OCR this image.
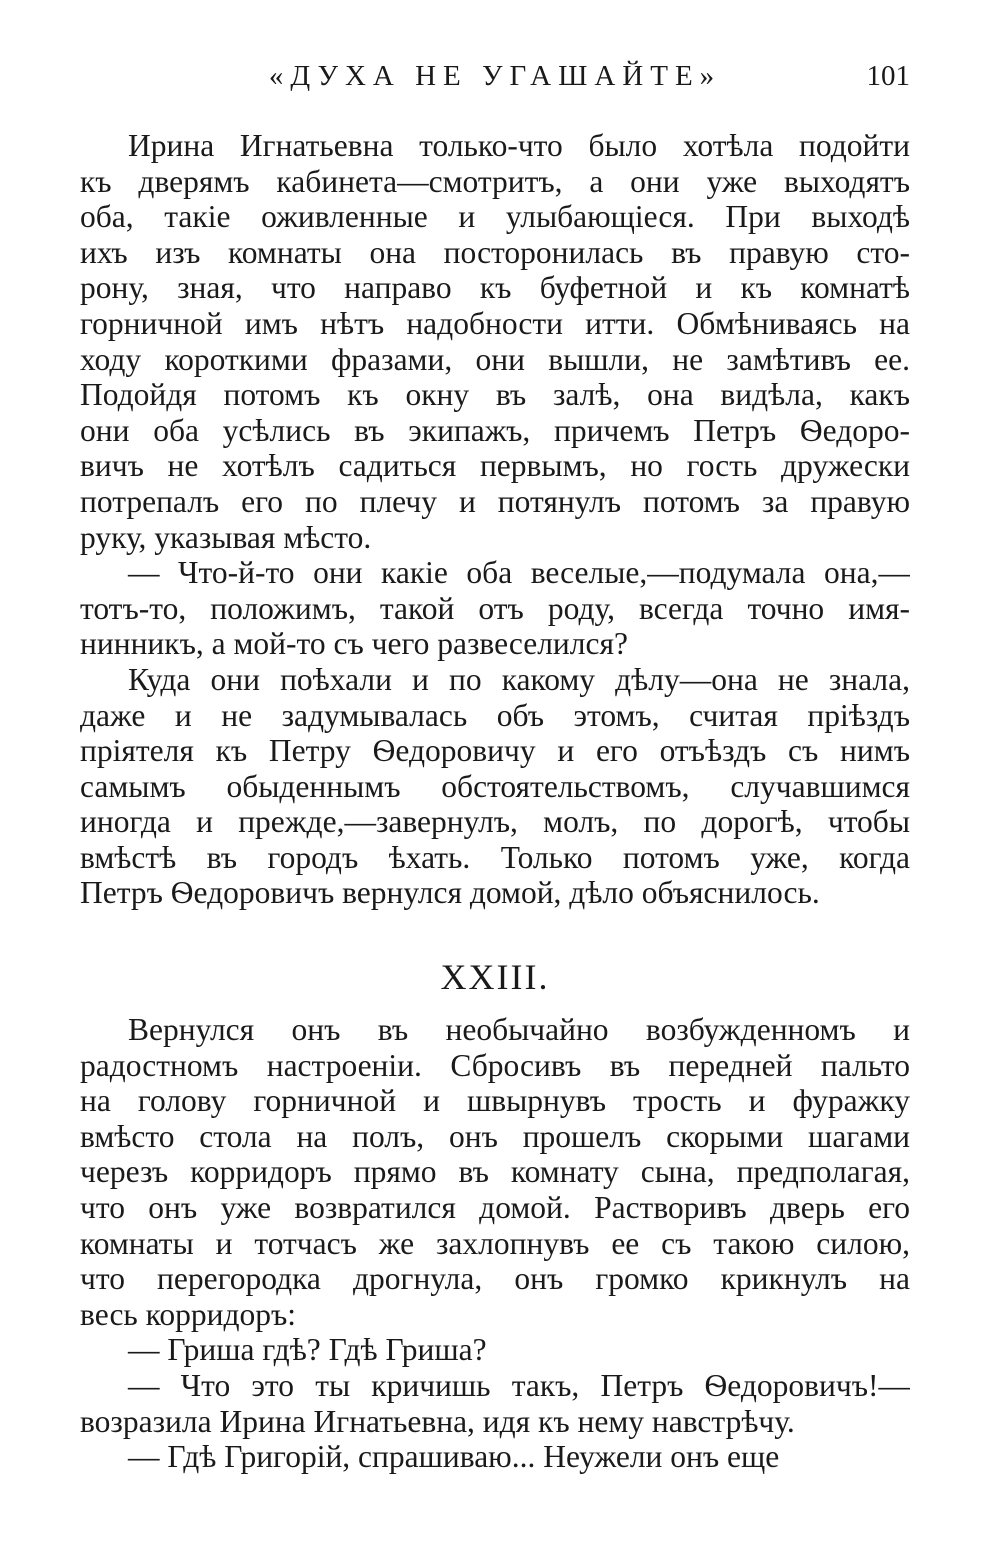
«ДУХА НЕ УГАШАЙТЕ»	101
Ирина Игнатьевна только-что было хотѣла подойти
къ дверямъ кабинета—смотритъ, а они уже выходятъ
оба, такіе оживленные и улыбающіеся. При выходѣ
ихъ изъ комнаты она посторонилась въ правую сто-
рону, зная, что направо къ буфетной и къ комнатѣ
горничной имъ нѣтъ надобности итти. Обмѣниваясь на
ходу короткими фразами, они вышли, не замѣтивъ ее.
Подойдя потомъ къ окну въ залѣ, она видѣла, какъ
они оба усѣлись въ экипажъ, причемъ Петръ Ѳедоро-
вичъ не хотѣлъ садиться первымъ, но гость дружески
потрепалъ его по плечу и потянулъ потомъ за правую
руку, указывая мѣсто.
— Что-й-то они какіе оба веселые,—подумала она,—
тотъ-то, положимъ, такой отъ роду, всегда точно имя-
нинникъ, а мой-то съ чего развеселился?
Куда они поѣхали и по какому дѣлу—она не знала,
даже и не задумывалась объ этомъ, считая пріѣздъ
пріятеля къ Петру Ѳедоровичу и его отъѣздъ съ нимъ
самымъ обыденнымъ обстоятельствомъ, случавшимся
иногда и прежде,—завернулъ, молъ, по дорогѣ, чтобы
вмѣстѣ въ городъ ѣхать. Только потомъ уже, когда
Петръ Ѳедоровичъ вернулся домой, дѣло объяснилось.
XXIII.
Вернулся онъ въ необычайно возбужденномъ и
радостномъ настроеніи. Сбросивъ въ передней пальто
на голову горничной и швырнувъ трость и фуражку
вмѣсто стола на полъ, онъ прошелъ скорыми шагами
черезъ корридоръ прямо въ комнату сына, предполагая,
что онъ уже возвратился домой. Растворивъ дверь его
комнаты и тотчасъ же захлопнувъ ее съ такою силою,
что перегородка дрогнула, онъ громко крикнулъ на
весь корридоръ:
— Гриша гдѣ? Гдѣ Гриша?
— Что это ты кричишь такъ, Петръ Ѳедоровичъ!—
возразила Ирина Игнатьевна, идя къ нему навстрѣчу.
— Гдѣ Григорій, спрашиваю... Неужели онъ еще
